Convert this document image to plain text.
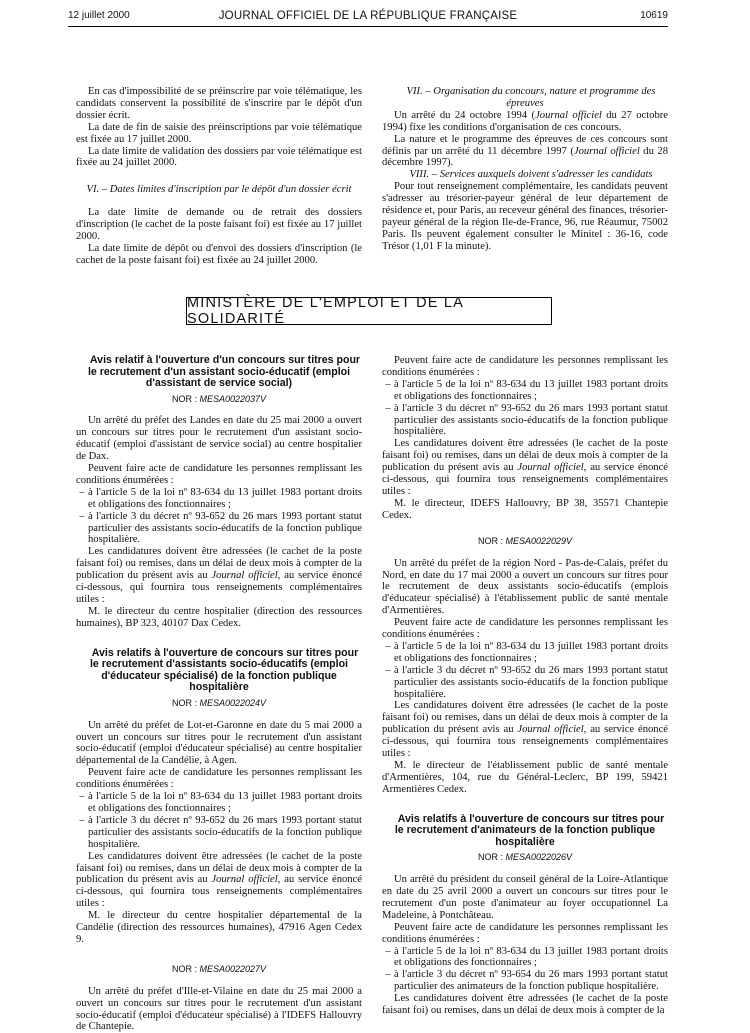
12 juillet 2000	JOURNAL OFFICIEL DE LA RÉPUBLIQUE FRANÇAISE	10619

En cas d'impossibilité de se préinscrire par voie télématique, les candidats conservent la possibilité de s'inscrire par le dépôt d'un dossier écrit.

La date de fin de saisie des préinscriptions par voie télématique est fixée au 17 juillet 2000.

La date limite de validation des dossiers par voie télématique est fixée au 24 juillet 2000.

VI. – Dates limites d'inscription par le dépôt d'un dossier écrit

La date limite de demande ou de retrait des dossiers d'inscription (le cachet de la poste faisant foi) est fixée au 17 juillet 2000.

La date limite de dépôt ou d'envoi des dossiers d'inscription (le cachet de la poste faisant foi) est fixée au 24 juillet 2000.

VII. – Organisation du concours, nature et programme des épreuves

Un arrêté du 24 octobre 1994 (Journal officiel du 27 octobre 1994) fixe les conditions d'organisation de ces concours.

La nature et le programme des épreuves de ces concours sont définis par un arrêté du 11 décembre 1997 (Journal officiel du 28 décembre 1997).

VIII. – Services auxquels doivent s'adresser les candidats

Pour tout renseignement complémentaire, les candidats peuvent s'adresser au trésorier-payeur général de leur département de résidence et, pour Paris, au receveur général des finances, trésorier-payeur général de la région Ile-de-France, 96, rue Réaumur, 75002 Paris. Ils peuvent également consulter le Minitel : 36-16, code Trésor (1,01 F la minute).

MINISTÈRE DE L'EMPLOI ET DE LA SOLIDARITÉ

Avis relatif à l'ouverture d'un concours sur titres pour le recrutement d'un assistant socio-éducatif (emploi d'assistant de service social)

NOR : MESA0022037V

Un arrêté du préfet des Landes en date du 25 mai 2000 a ouvert un concours sur titres pour le recrutement d'un assistant socio-éducatif (emploi d'assistant de service social) au centre hospitalier de Dax.

Peuvent faire acte de candidature les personnes remplissant les conditions énumérées :

– à l'article 5 de la loi nº 83-634 du 13 juillet 1983 portant droits et obligations des fonctionnaires ;
– à l'article 3 du décret nº 93-652 du 26 mars 1993 portant statut particulier des assistants socio-éducatifs de la fonction publique hospitalière.

Les candidatures doivent être adressées (le cachet de la poste faisant foi) ou remises, dans un délai de deux mois à compter de la publication du présent avis au Journal officiel, au service énoncé ci-dessous, qui fournira tous renseignements complémentaires utiles :

M. le directeur du centre hospitalier (direction des ressources humaines), BP 323, 40107 Dax Cedex.

Avis relatifs à l'ouverture de concours sur titres pour le recrutement d'assistants socio-éducatifs (emploi d'éducateur spécialisé) de la fonction publique hospitalière

NOR : MESA0022024V

Un arrêté du préfet de Lot-et-Garonne en date du 5 mai 2000 a ouvert un concours sur titres pour le recrutement d'un assistant socio-éducatif (emploi d'éducateur spécialisé) au centre hospitalier départemental de la Candélie, à Agen.

Peuvent faire acte de candidature les personnes remplissant les conditions énumérées :

– à l'article 5 de la loi nº 83-634 du 13 juillet 1983 portant droits et obligations des fonctionnaires ;
– à l'article 3 du décret nº 93-652 du 26 mars 1993 portant statut particulier des assistants socio-éducatifs de la fonction publique hospitalière.

Les candidatures doivent être adressées (le cachet de la poste faisant foi) ou remises, dans un délai de deux mois à compter de la publication du présent avis au Journal officiel, au service énoncé ci-dessous, qui fournira tous renseignements complémentaires utiles :

M. le directeur du centre hospitalier départemental de la Candélie (direction des ressources humaines), 47916 Agen Cedex 9.

NOR : MESA0022027V

Un arrêté du préfet d'Ille-et-Vilaine en date du 25 mai 2000 a ouvert un concours sur titres pour le recrutement d'un assistant socio-éducatif (emploi d'éducateur spécialisé) à l'IDEFS Hallouvry de Chantepie.

Peuvent faire acte de candidature les personnes remplissant les conditions énumérées :

– à l'article 5 de la loi nº 83-634 du 13 juillet 1983 portant droits et obligations des fonctionnaires ;
– à l'article 3 du décret nº 93-652 du 26 mars 1993 portant statut particulier des assistants socio-éducatifs de la fonction publique hospitalière.

Les candidatures doivent être adressées (le cachet de la poste faisant foi) ou remises, dans un délai de deux mois à compter de la publication du présent avis au Journal officiel, au service énoncé ci-dessous, qui fournira tous renseignements complémentaires utiles :

M. le directeur, IDEFS Hallouvry, BP 38, 35571 Chantepie Cedex.

NOR : MESA0022029V

Un arrêté du préfet de la région Nord - Pas-de-Calais, préfet du Nord, en date du 17 mai 2000 a ouvert un concours sur titres pour le recrutement de deux assistants socio-éducatifs (emplois d'éducateur spécialisé) à l'établissement public de santé mentale d'Armentières.

Peuvent faire acte de candidature les personnes remplissant les conditions énumérées :

– à l'article 5 de la loi nº 83-634 du 13 juillet 1983 portant droits et obligations des fonctionnaires ;
– à l'article 3 du décret nº 93-652 du 26 mars 1993 portant statut particulier des assistants socio-éducatifs de la fonction publique hospitalière.

Les candidatures doivent être adressées (le cachet de la poste faisant foi) ou remises, dans un délai de deux mois à compter de la publication du présent avis au Journal officiel, au service énoncé ci-dessous, qui fournira tous renseignements complémentaires utiles :

M. le directeur de l'établissement public de santé mentale d'Armentières, 104, rue du Général-Leclerc, BP 199, 59421 Armentières Cedex.

Avis relatifs à l'ouverture de concours sur titres pour le recrutement d'animateurs de la fonction publique hospitalière

NOR : MESA0022026V

Un arrêté du président du conseil général de la Loire-Atlantique en date du 25 avril 2000 a ouvert un concours sur titres pour le recrutement d'un poste d'animateur au foyer occupationnel La Madeleine, à Pontchâteau.

Peuvent faire acte de candidature les personnes remplissant les conditions énumérées :

– à l'article 5 de la loi nº 83-634 du 13 juillet 1983 portant droits et obligations des fonctionnaires ;
– à l'article 3 du décret nº 93-654 du 26 mars 1993 portant statut particulier des animateurs de la fonction publique hospitalière.

Les candidatures doivent être adressées (le cachet de la poste faisant foi) ou remises, dans un délai de deux mois à compter de la
